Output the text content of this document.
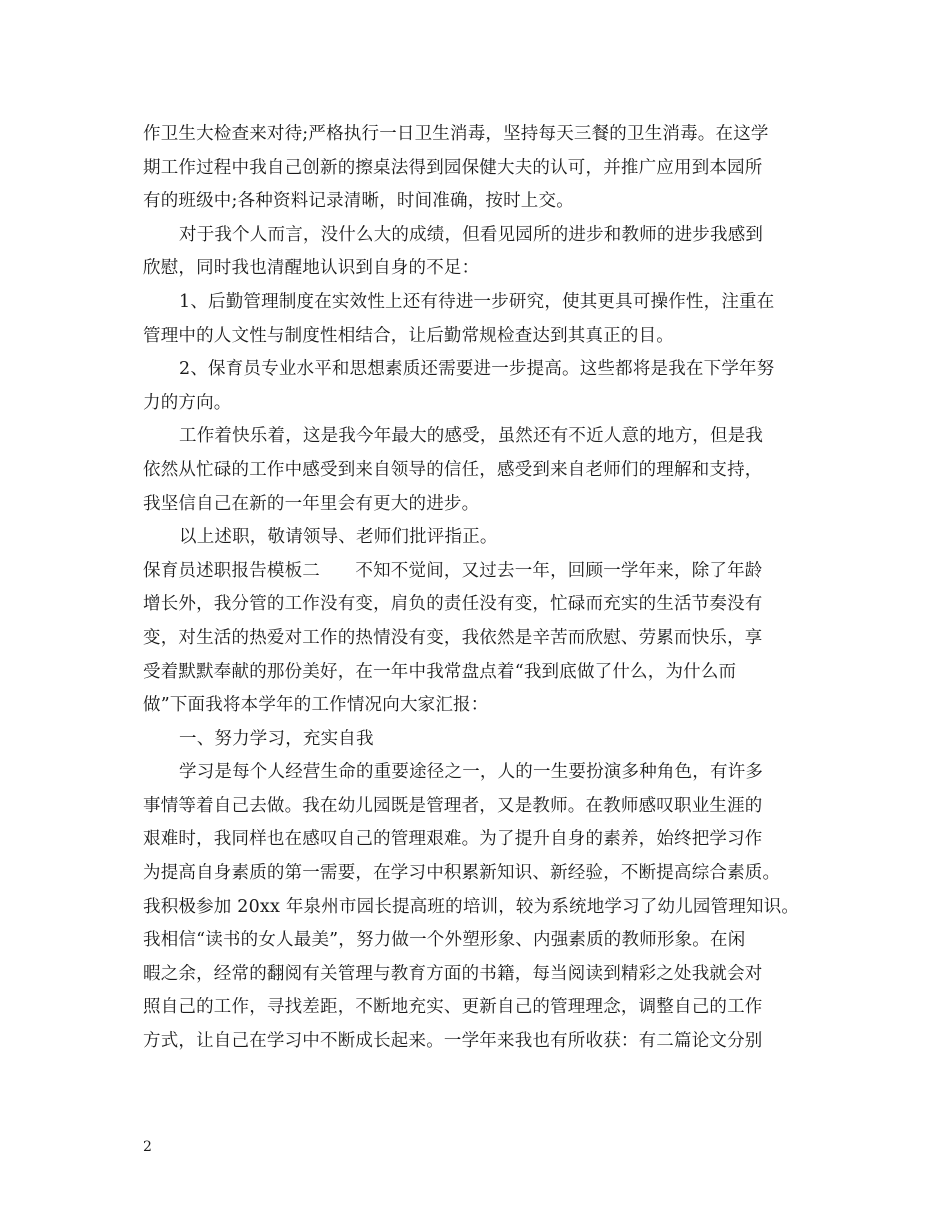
作卫生大检查来对待;严格执行一日卫生消毒，坚持每天三餐的卫生消毒。在这学
期工作过程中我自己创新的擦桌法得到园保健大夫的认可，并推广应用到本园所
有的班级中;各种资料记录清晰，时间准确，按时上交。
对于我个人而言，没什么大的成绩，但看见园所的进步和教师的进步我感到
欣慰，同时我也清醒地认识到自身的不足：
1、后勤管理制度在实效性上还有待进一步研究，使其更具可操作性，注重在
管理中的人文性与制度性相结合，让后勤常规检查达到其真正的目。
2、保育员专业水平和思想素质还需要进一步提高。这些都将是我在下学年努
力的方向。
工作着快乐着，这是我今年最大的感受，虽然还有不近人意的地方，但是我
依然从忙碌的工作中感受到来自领导的信任，感受到来自老师们的理解和支持，
我坚信自己在新的一年里会有更大的进步。
以上述职，敬请领导、老师们批评指正。
保育员述职报告模板二　　不知不觉间，又过去一年，回顾一学年来，除了年龄
增长外，我分管的工作没有变，肩负的责任没有变，忙碌而充实的生活节奏没有
变，对生活的热爱对工作的热情没有变，我依然是辛苦而欣慰、劳累而快乐，享
受着默默奉献的那份美好，在一年中我常盘点着“我到底做了什么，为什么而
做”下面我将本学年的工作情况向大家汇报：
一、努力学习，充实自我
学习是每个人经营生命的重要途径之一，人的一生要扮演多种角色，有许多
事情等着自己去做。我在幼儿园既是管理者，又是教师。在教师感叹职业生涯的
艰难时，我同样也在感叹自己的管理艰难。为了提升自身的素养，始终把学习作
为提高自身素质的第一需要，在学习中积累新知识、新经验，不断提高综合素质。
我积极参加 20xx 年泉州市园长提高班的培训，较为系统地学习了幼儿园管理知识。
我相信“读书的女人最美”，努力做一个外塑形象、内强素质的教师形象。在闲
暇之余，经常的翻阅有关管理与教育方面的书籍，每当阅读到精彩之处我就会对
照自己的工作，寻找差距，不断地充实、更新自己的管理理念，调整自己的工作
方式，让自己在学习中不断成长起来。一学年来我也有所收获：有二篇论文分别
2
